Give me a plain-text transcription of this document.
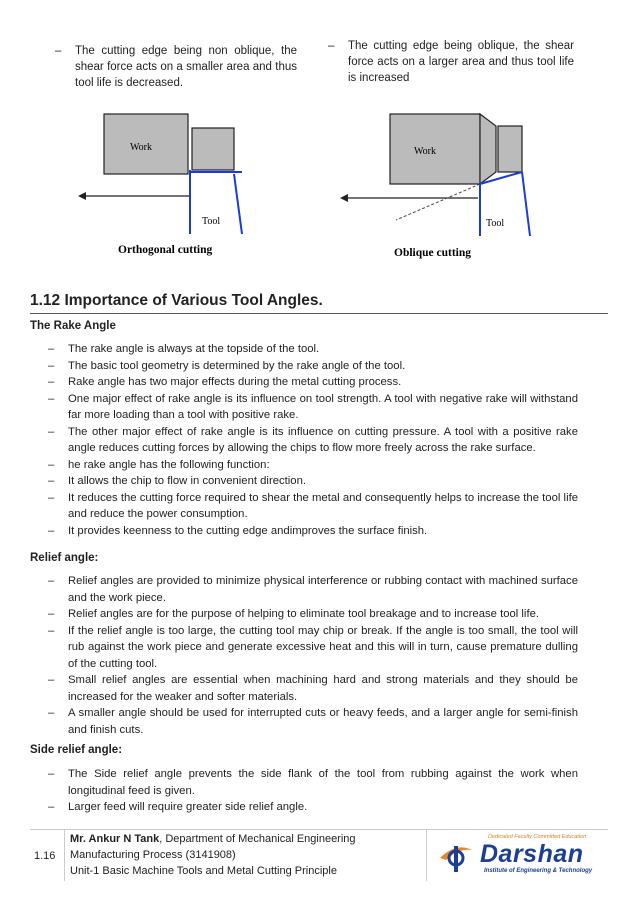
– The cutting edge being non oblique, the shear force acts on a smaller area and thus tool life is decreased.
– The cutting edge being oblique, the shear force acts on a larger area and thus tool life is increased
Work
Tool
Orthogonal cutting
Work
Tool
Oblique cutting
1.12 Importance of Various Tool Angles.
The Rake Angle
– The rake angle is always at the topside of the tool.
– The basic tool geometry is determined by the rake angle of the tool.
– Rake angle has two major effects during the metal cutting process.
– One major effect of rake angle is its influence on tool strength. A tool with negative rake will withstand far more loading than a tool with positive rake.
– The other major effect of rake angle is its influence on cutting pressure. A tool with a positive rake angle reduces cutting forces by allowing the chips to flow more freely across the rake surface.
– he rake angle has the following function:
– It allows the chip to flow in convenient direction.
– It reduces the cutting force required to shear the metal and consequently helps to increase the tool life and reduce the power consumption.
– It provides keenness to the cutting edge andimproves the surface finish.
Relief angle:
– Relief angles are provided to minimize physical interference or rubbing contact with machined surface and the work piece.
– Relief angles are for the purpose of helping to eliminate tool breakage and to increase tool life.
– If the relief angle is too large, the cutting tool may chip or break. If the angle is too small, the tool will rub against the work piece and generate excessive heat and this will in turn, cause premature dulling of the cutting tool.
– Small relief angles are essential when machining hard and strong materials and they should be increased for the weaker and softer materials.
– A smaller angle should be used for interrupted cuts or heavy feeds, and a larger angle for semi-finish and finish cuts.
Side relief angle:
– The Side relief angle prevents the side flank of the tool from rubbing against the work when longitudinal feed is given.
– Larger feed will require greater side relief angle.
1.16
Mr. Ankur N Tank, Department of Mechanical Engineering
Manufacturing Process (3141908)
Unit-1 Basic Machine Tools and Metal Cutting Principle
Dedicated Faculty Committed Education
Darshan
Institute of Engineering & Technology
